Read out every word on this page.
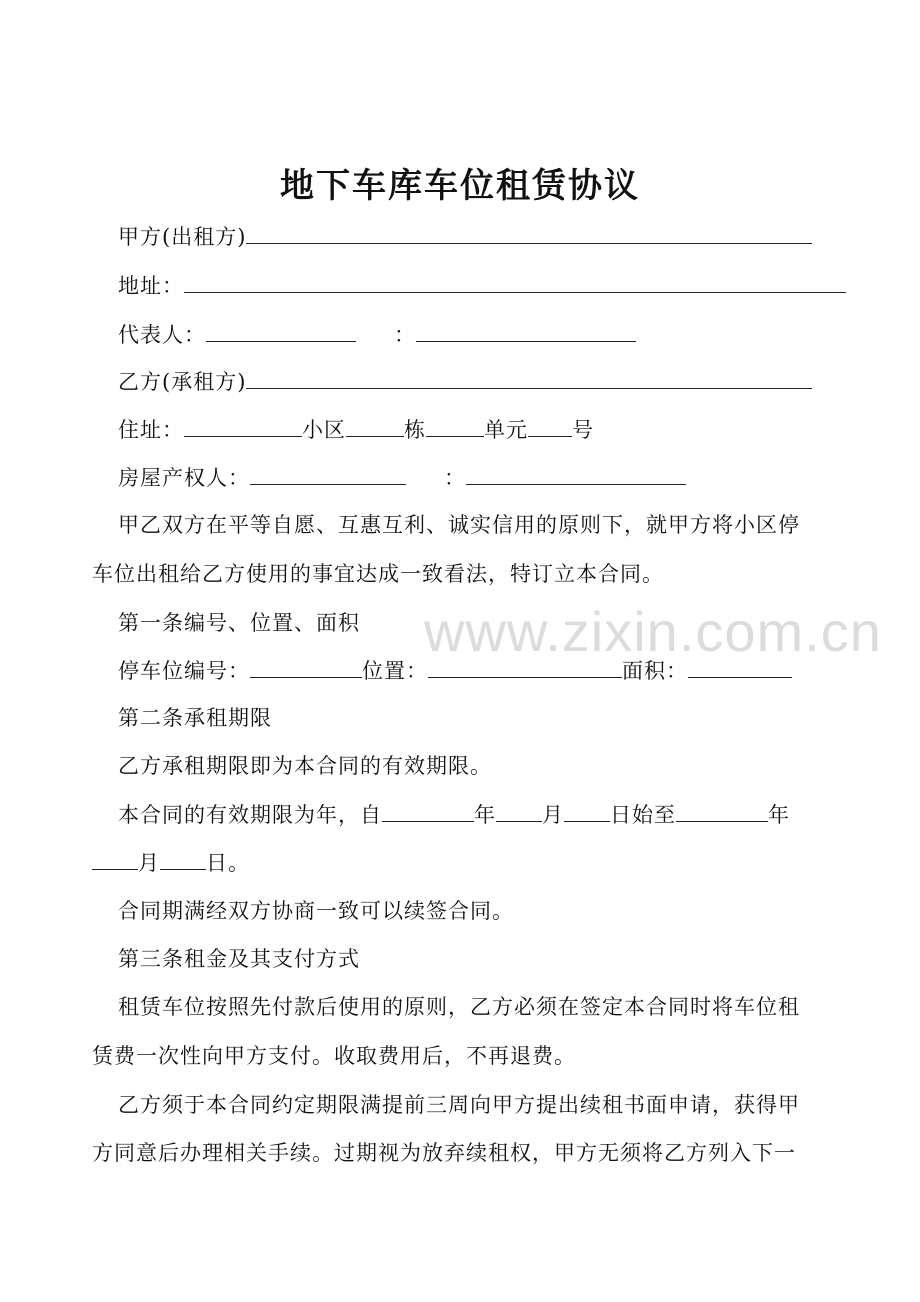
地下车库车位租赁协议
甲方(出租方)
地址：
代表人：	：
乙方(承租方)
住址：	小区	栋	单元 号
房屋产权人：	：
甲乙双方在平等自愿、互惠互利、诚实信用的原则下，就甲方将小区停
车位出租给乙方使用的事宜达成一致看法，特订立本合同。
第一条编号、位置、面积
停车位编号：	位置：	面积：
第二条承租期限
乙方承租期限即为本合同的有效期限。
本合同的有效期限为年，自	年 月 日始至	年
月 日。
合同期满经双方协商一致可以续签合同。
第三条租金及其支付方式
租赁车位按照先付款后使用的原则，乙方必须在签定本合同时将车位租
赁费一次性向甲方支付。收取费用后，不再退费。
乙方须于本合同约定期限满提前三周向甲方提出续租书面申请，获得甲
方同意后办理相关手续。过期视为放弃续租权，甲方无须将乙方列入下一
www.zixin.com.cn
